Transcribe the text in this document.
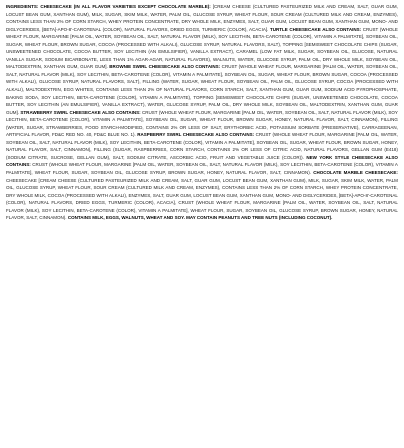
INGREDIENTS: CHEESECAKE (IN ALL FLAVOR VARIETIES EXCEPT CHOCOLATE MARBLE): [CREAM CHEESE (CULTURED PASTEURIZED MILK AND CREAM, SALT, GUAR GUM, LOCUST BEAN GUM, XANTHAN GUM), MILK, SUGAR, SKIM MILK, WATER, PALM OIL, GLUCOSE SYRUP, WHEAT FLOUR, SOUR CREAM (CULTURED MILK AND CREAM, ENZYMES), CONTAINS LESS THAN 2% OF CORN STARCH, WHEY PROTEIN CONCENTRATE, DRY WHOLE MILK, ENZYMES, SALT, GUAR GUM, LOCUST BEAN GUM, XANTHAN GUM, MONO- AND DIGLYCERIDES, [BETA]-APO-8'-CAROTENAL (COLOR), NATURAL FLAVORS, DRIED EGGS, TURMERIC (COLOR), ACACIA]. TURTLE CHEESECAKE ALSO CONTAINS: CRUST (WHOLE WHEAT FLOUR, MARGARINE [PALM OIL, WATER, SOYBEAN OIL, SALT, NATURAL FLAVOR (MILK), SOY LECITHIN, BETA-CAROTENE (COLOR), VITAMIN A PALMITATE], SOYBEAN OIL, SUGAR, WHEAT FLOUR, BROWN SUGAR, COCOA (PROCESSED WITH ALKALI), GLUCOSE SYRUP, NATURAL FLAVORS, SALT), TOPPING [SEMISWEET CHOCOLATE CHIPS (SUGAR, UNSWEETENED CHOCOLATE, COCOA BUTTER, SOY LECITHIN (AN EMULSIFIER), VANILLA EXTRACT), CARAMEL (LOW FAT MILK, SUGAR, SOYBEAN OIL, GLUCOSE, NATURAL VANILLA SUGAR, SODIUM BICARBONATE, LESS THAN 1% AGAR-AGAR, NATURAL FLAVORS), WALNUTS, WATER, GLUCOSE SYRUP, PALM OIL, DRY WHOLE MILK, SOYBEAN OIL, MALTODEXTRIN, XANTHAN GUM, GUAR GUM]. BROWNIE SWIRL CHEESECAKE ALSO CONTAINS: CRUST (WHOLE WHEAT FLOUR, MARGARINE [PALM OIL, WATER, SOYBEAN OIL, SALT, NATURAL FLAVOR (MILK), SOY LECITHIN, BETA-CAROTENE (COLOR), VITAMIN A PALMITATE], SOYBEAN OIL, SUGAR, WHEAT FLOUR, BROWN SUGAR, COCOA (PROCESSED WITH ALKALI), GLUCOSE SYRUP, NATURAL FLAVORS, SALT), FILLING (WATER, SUGAR, WHEAT FLOUR, SOYBEAN OIL, PALM OIL, GLUCOSE SYRUP, COCOA (PROCESSED WITH ALKALI), MALTODEXTRIN, EGG WHITES, CONTAINS LESS THAN 2% OF NATURAL FLAVORS, CORN STARCH, SALT, XANTHAN GUM, GUAR GUM, SODIUM ACID PYROPHOSPHATE, BAKING SODA, SOY LECITHIN, BETA-CAROTENE (COLOR), VITAMIN A PALMITATE), TOPPING [SEMISWEET CHOCOLATE CHIPS (SUGAR, UNSWEETENED CHOCOLATE, COCOA BUTTER, SOY LECITHIN (AN EMULSIFIER), VANILLA EXTRACT), WATER, GLUCOSE SYRUP, PALM OIL, DRY WHOLE MILK, SOYBEAN OIL, MALTODEXTRIN, XANTHAN GUM, GUAR GUM]. STRAWBERRY SWIRL CHEESECAKE ALSO CONTAINS: CRUST (WHOLE WHEAT FLOUR, MARGARINE [PALM OIL, WATER, SOYBEAN OIL, SALT, NATURAL FLAVOR (MILK), SOY LECITHIN, BETA-CAROTENE (COLOR), VITAMIN A PALMITATE], SOYBEAN OIL, SUGAR, WHEAT FLOUR, BROWN SUGAR, HONEY, NATURAL FLAVOR, SALT, CINNAMON), FILLING (WATER, SUGAR, STRAWBERRIES, FOOD STARCH-MODIFIED, CONTAINS 2% OR LESS OF SALT, ERYTHORBIC ACID, POTASSIUM SORBATE (PRESERVATIVE), CARRAGEENAN, ARTIFICIAL FLAVOR, FD&C RED NO. 40, FD&C BLUE NO. 1). RASPBERRY SWIRL CHEESECAKE ALSO CONTAINS: CRUST (WHOLE WHEAT FLOUR, MARGARINE [PALM OIL, WATER, SOYBEAN OIL, SALT, NATURAL FLAVOR (MILK), SOY LECITHIN, BETA-CAROTENE (COLOR), VITAMIN A PALMITATE], SOYBEAN OIL, SUGAR, WHEAT FLOUR, BROWN SUGAR, HONEY, NATURAL FLAVOR, SALT, CINNAMON), FILLING (SUGAR, RASPBERRIES, CORN STARCH, CONTAINS 2% OR LESS OF CITRIC ACID, NATURAL FLAVORS, GELLAN GUM (E418) (SODIUM CITRATE, SUCROSE, GELLAN GUM), SALT, SODIUM CITRATE, ASCORBIC ACID, FRUIT AND VEGETABLE JUICE (COLOR)). NEW YORK STYLE CHEESECAKE ALSO CONTAINS: CRUST (WHOLE WHEAT FLOUR, MARGARINE [PALM OIL, WATER, SOYBEAN OIL, SALT, NATURAL FLAVOR (MILK), SOY LECITHIN, BETA-CAROTENE (COLOR), VITAMIN A PALMITATE], WHEAT FLOUR, SUGAR, SOYBEAN OIL, GLUCOSE SYRUP, BROWN SUGAR, HONEY, NATURAL FLAVOR, SALT, CINNAMON). CHOCOLATE MARBLE CHEESECAKE: CHEESECAKE [CREAM CHEESE (CULTURED PASTEURIZED MILK AND CREAM, SALT, GUAR GUM, LOCUST BEAN GUM, XANTHAN GUM), MILK, SUGAR, SKIM MILK, WATER, PALM OIL, GLUCOSE SYRUP, WHEAT FLOUR, SOUR CREAM (CULTURED MILK AND CREAM, ENZYMES), CONTAINS LESS THAN 2% OF CORN STARCH, WHEY PROTEIN CONCENTRATE, DRY WHOLE MILK, COCOA (PROCESSED WITH ALKALI), ENZYMES, SALT, GUAR GUM, LOCUST BEAN GUM, XANTHAN GUM, MONO- AND DIGLYCERIDES, [BETA]-APO-8'-CAROTENAL (COLOR), NATURAL FLAVORS, DRIED EGGS, TURMERIC (COLOR), ACACIA], CRUST (WHOLE WHEAT FLOUR, MARGARINE [PALM OIL, WATER, SOYBEAN OIL, SALT, NATURAL FLAVOR (MILK), SOY LECITHIN, BETA-CAROTENE (COLOR), VITAMIN A PALMITATE], WHEAT FLOUR, SUGAR, SOYBEAN OIL, GLUCOSE SYRUP, BROWN SUGAR, HONEY, NATURAL FLAVOR, SALT, CINNAMON). CONTAINS MILK, EGGS, WALNUTS, WHEAT AND SOY. MAY CONTAIN PEANUTS AND TREE NUTS (INCLUDING COCONUT).
